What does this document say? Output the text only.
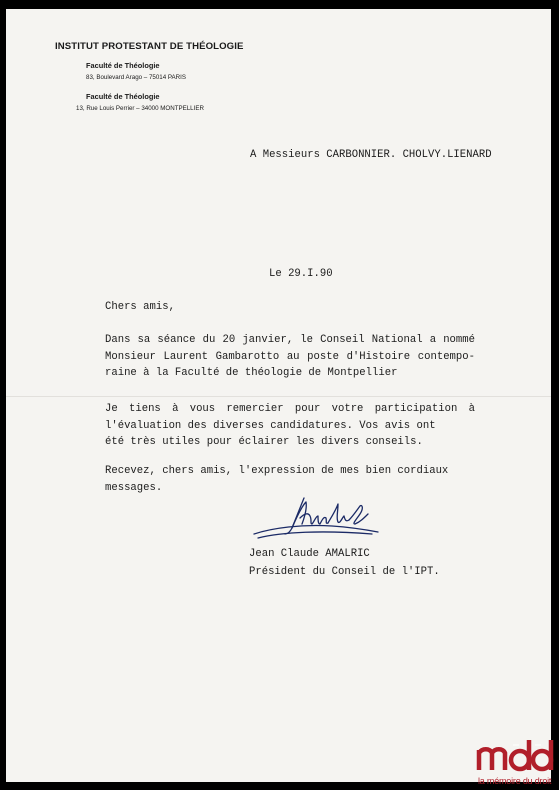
INSTITUT PROTESTANT DE THÉOLOGIE
Faculté de Théologie
83, Boulevard Arago – 75014 PARIS
Faculté de Théologie
13, Rue Louis Perrier – 34000 MONTPELLIER
A Messieurs CARBONNIER. CHOLVY.LIENARD
Le 29.I.90
Chers amis,
Dans sa séance du 20 janvier, le Conseil National a nommé
Monsieur Laurent Gambarotto au poste d'Histoire contempo-
raine à la Faculté de théologie de Montpellier
Je tiens à vous remercier pour votre participation à
l'évaluation des diverses candidatures. Vos avis ont
été très utiles pour éclairer les divers conseils.
Recevez, chers amis, l'expression de mes bien cordiaux
messages.
Jean Claude AMALRIC
Président du Conseil de l'IPT.
la mémoire du droit
